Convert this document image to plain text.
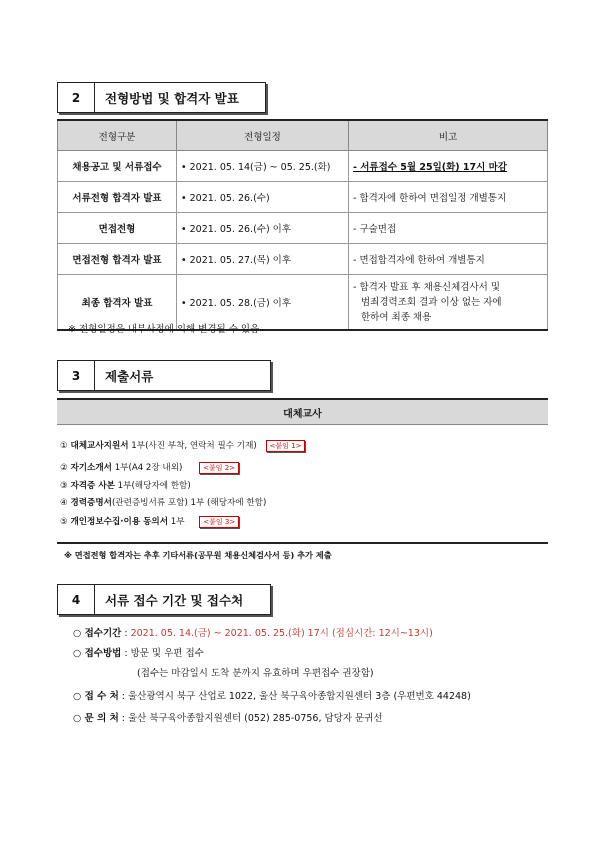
2	전형방법 및 합격자 발표
전형구분	전형일정	비고
채용공고 및 서류접수	• 2021. 05. 14(금) ~ 05. 25.(화)	- 서류접수 5월 25일(화) 17시 마감
서류전형 합격자 발표	• 2021. 05. 26.(수)	- 합격자에 한하여 면접일정 개별통지
면접전형	• 2021. 05. 26.(수) 이후	- 구술면접
면접전형 합격자 발표	• 2021. 05. 27.(목) 이후	- 면접합격자에 한하여 개별통지
최종 합격자 발표	• 2021. 05. 28.(금) 이후	- 합격자 발표 후 채용신체검사서 및
범죄경력조회 결과 이상 없는 자에
한하여 최종 채용
※ 전형일정은 내부사정에 의해 변경될 수 있음
3	제출서류
대체교사
① 대체교사지원서 1부(사진 부착, 연락처 필수 기재) <붙임 1>
② 자기소개서 1부(A4 2장 내외)	<붙임 2>
③ 자격증 사본 1부(해당자에 한함)
④ 경력증명서(관련증빙서류 포함) 1부 (해당자에 한함)
⑤ 개인정보수집·이용 동의서 1부	<붙임 3>
※ 면접전형 합격자는 추후 기타서류(공무원 채용신체검사서 등) 추가 제출
4	서류 접수 기간 및 접수처
○ 접수기간 : 2021. 05. 14.(금) ~ 2021. 05. 25.(화) 17시 (점심시간: 12시~13시)
○ 접수방법 : 방문 및 우편 접수
(접수는 마감일시 도착 분까지 유효하며 우편접수 권장함)
○ 접 수 처 : 울산광역시 북구 산업로 1022, 울산 북구육아종합지원센터 3층 (우편번호 44248)
○ 문 의 처 : 울산 북구육아종합지원센터 (052) 285-0756, 담당자 문귀선
